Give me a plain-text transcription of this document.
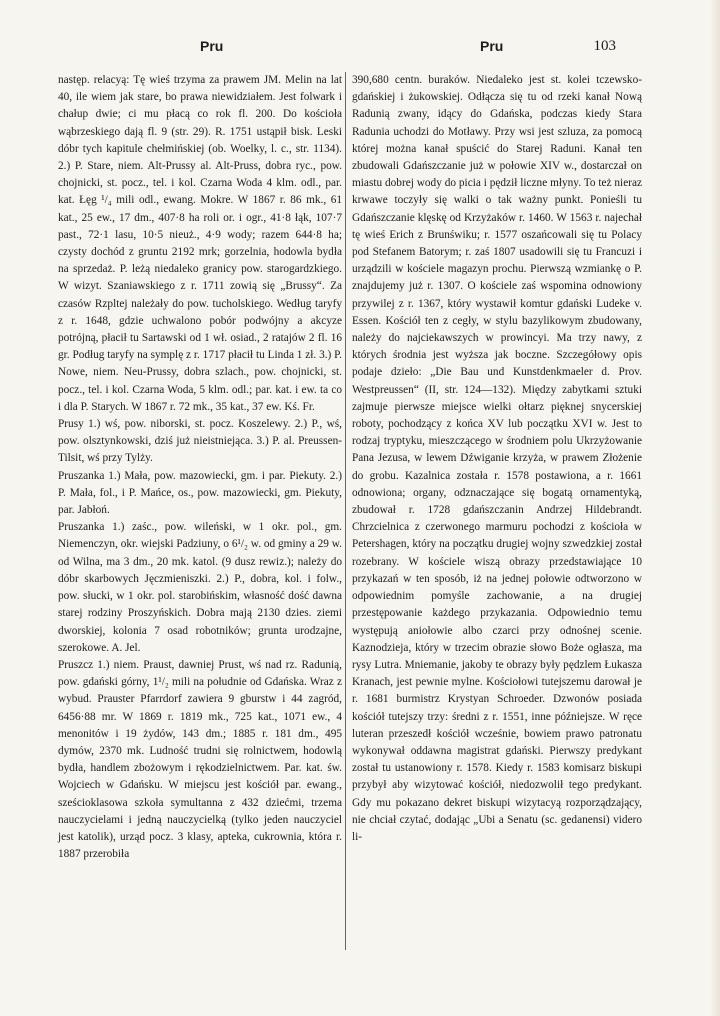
Pru	Pru	103

następ. relacyą: Tę wieś trzyma za prawem JM. Melin na lat 40, ile wiem jak stare, bo prawa niewidziałem. Jest folwark i chałup dwie; ci mu płacą co rok fl. 200. Do kościoła wąbrzeskiego dają fl. 9 (str. 29). R. 1751 ustąpił bisk. Leski dóbr tych kapitule chełmińskiej (ob. Woelky, l. c., str. 1134). 2.) P. Stare, niem. Alt-Prussy al. Alt-Pruss, dobra ryc., pow. chojnicki, st. pocz., tel. i kol. Czarna Woda 4 klm. odl., par. kat. Łęg ¹/₄ mili odl., ewang. Mokre. W 1867 r. 86 mk., 61 kat., 25 ew., 17 dm., 407·8 ha roli or. i ogr., 41·8 łąk, 107·7 past., 72·1 lasu, 10·5 nieuż., 4·9 wody; razem 644·8 ha; czysty dochód z gruntu 2192 mrk; gorzelnia, hodowla bydła na sprzedaż. P. leżą niedaleko granicy pow. starogardzkiego. W wizyt. Szaniawskiego z r. 1711 zowią się „Brussy“. Za czasów Rzpltej należały do pow. tucholskiego. Według taryfy z r. 1648, gdzie uchwalono pobór podwójny a akcyze potrójną, płacił tu Sartawski od 1 wł. osiad., 2 ratajów 2 fl. 16 gr. Podług taryfy na symplę z r. 1717 płacił tu Linda 1 zł. 3.) P. Nowe, niem. Neu-Prussy, dobra szlach., pow. chojnicki, st. pocz., tel. i kol. Czarna Woda, 5 klm. odl.; par. kat. i ew. ta co i dla P. Starych. W 1867 r. 72 mk., 35 kat., 37 ew. Kś. Fr.

Prusy 1.) wś, pow. niborski, st. pocz. Koszelewy. 2.) P., wś, pow. olsztynkowski, dziś już nieistniejąca. 3.) P. al. Preussen-Tilsit, wś przy Tylży.

Pruszanka 1.) Mała, pow. mazowiecki, gm. i par. Piekuty. 2.) P. Mała, fol., i P. Mańce, os., pow. mazowiecki, gm. Piekuty, par. Jabłoń.

Pruszanka 1.) zaśc., pow. wileński, w 1 okr. pol., gm. Niemenczyn, okr. wiejski Padziuny, o 6¹/₂ w. od gminy a 29 w. od Wilna, ma 3 dm., 20 mk. katol. (9 dusz rewiz.); należy do dóbr skarbowych Jęczmieniszki. 2.) P., dobra, kol. i folw., pow. słucki, w 1 okr. pol. starobińskim, własność dość dawna starej rodziny Proszyńskich. Dobra mają 2130 dzies. ziemi dworskiej, kolonia 7 osad robotników; grunta urodzajne, szerokowe. A. Jel.

Pruszcz 1.) niem. Praust, dawniej Prust, wś nad rz. Radunią, pow. gdański górny, 1¹/₂ mili na południe od Gdańska. Wraz z wybud. Prauster Pfarrdorf zawiera 9 gburstw i 44 zagród, 6456·88 mr. W 1869 r. 1819 mk., 725 kat., 1071 ew., 4 menonitów i 19 żydów, 143 dm.; 1885 r. 181 dm., 495 dymów, 2370 mk. Ludność trudni się rolnictwem, hodowlą bydła, handlem zbożowym i rękodzielnictwem. Par. kat. św. Wojciech w Gdańsku. W miejscu jest kościół par. ewang., sześcioklasowa szkoła symultanna z 432 dziećmi, trzema nauczycielami i jedną nauczycielką (tylko jeden nauczyciel jest katolik), urząd pocz. 3 klasy, apteka, cukrownia, która r. 1887 przerobiła

390,680 centn. buraków. Niedaleko jest st. kolei tczewsko-gdańskiej i żukowskiej. Odłącza się tu od rzeki kanał Nową Radunią zwany, idący do Gdańska, podczas kiedy Stara Radunia uchodzi do Motławy. Przy wsi jest szluza, za pomocą której można kanał spuścić do Starej Raduni. Kanał ten zbudowali Gdańszczanie już w połowie XIV w., dostarczał on miastu dobrej wody do picia i pędził liczne młyny. To też nieraz krwawe toczyły się walki o tak ważny punkt. Ponieśli tu Gdańszczanie klęskę od Krzyżaków r. 1460. W 1563 r. najechał tę wieś Erich z Brunświku; r. 1577 oszańcowali się tu Polacy pod Stefanem Batorym; r. zaś 1807 usadowili się tu Francuzi i urządzili w kościele magazyn prochu. Pierwszą wzmiankę o P. znajdujemy już r. 1307. O kościele zaś wspomina odnowiony przywilej z r. 1367, który wystawił komtur gdański Ludeke v. Essen. Kościół ten z cegły, w stylu bazylikowym zbudowany, należy do najciekawszych w prowincyi. Ma trzy nawy, z których środnia jest wyższa jak boczne. Szczegółowy opis podaje dzieło: „Die Bau und Kunstdenkmaeler d. Prov. Westpreussen“ (II, str. 124—132). Między zabytkami sztuki zajmuje pierwsze miejsce wielki ołtarz pięknej snycerskiej roboty, pochodzący z końca XV lub początku XVI w. Jest to rodzaj tryptyku, mieszczącego w środniem polu Ukrzyżowanie Pana Jezusa, w lewem Dźwiganie krzyża, w prawem Złożenie do grobu. Kazalnica została r. 1578 postawiona, a r. 1661 odnowiona; organy, odznaczające się bogatą ornamentyką, zbudował r. 1728 gdańszczanin Andrzej Hildebrandt. Chrzcielnica z czerwonego marmuru pochodzi z kościoła w Petershagen, który na początku drugiej wojny szwedzkiej został rozebrany. W kościele wiszą obrazy przedstawiające 10 przykazań w ten sposób, iż na jednej połowie odtworzono w odpowiednim pomyśle zachowanie, a na drugiej przestępowanie każdego przykazania. Odpowiednio temu występują aniołowie albo czarci przy odnośnej scenie. Kaznodzieja, który w trzecim obrazie słowo Boże ogłasza, ma rysy Lutra. Mniemanie, jakoby te obrazy były pędzlem Łukasza Kranach, jest pewnie mylne. Kościołowi tutejszemu darował je r. 1681 burmistrz Krystyan Schroeder. Dzwonów posiada kościół tutejszy trzy: średni z r. 1551, inne późniejsze. W ręce luteran przeszedł kościół wcześnie, bowiem prawo patronatu wykonywał oddawna magistrat gdański. Pierwszy predykant został tu ustanowiony r. 1578. Kiedy r. 1583 komisarz biskupi przybył aby wizytować kościół, niedozwolił tego predykant. Gdy mu pokazano dekret biskupi wizytacyą rozporządzający, nie chciał czytać, dodając „Ubi a Senatu (sc. gedanensi) videro li-
